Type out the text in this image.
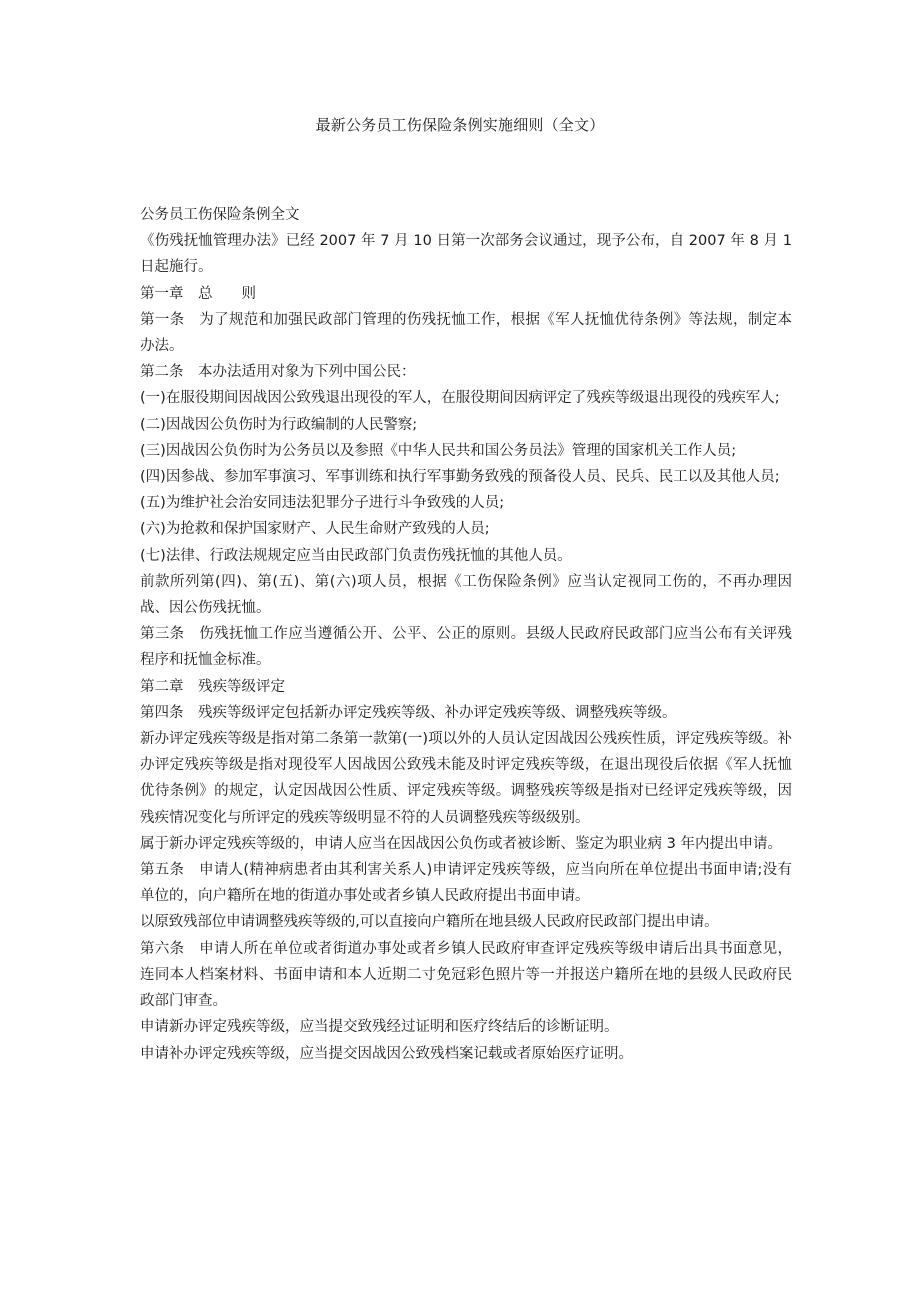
最新公务员工伤保险条例实施细则（全文）

公务员工伤保险条例全文

《伤残抚恤管理办法》已经 2007 年 7 月 10 日第一次部务会议通过，现予公布，自 2007 年 8 月 1 日起施行。

第一章　总　　则

第一条　为了规范和加强民政部门管理的伤残抚恤工作，根据《军人抚恤优待条例》等法规，制定本办法。

第二条　本办法适用对象为下列中国公民：

(一)在服役期间因战因公致残退出现役的军人，在服役期间因病评定了残疾等级退出现役的残疾军人;

(二)因战因公负伤时为行政编制的人民警察;

(三)因战因公负伤时为公务员以及参照《中华人民共和国公务员法》管理的国家机关工作人员;

(四)因参战、参加军事演习、军事训练和执行军事勤务致残的预备役人员、民兵、民工以及其他人员;

(五)为维护社会治安同违法犯罪分子进行斗争致残的人员;

(六)为抢救和保护国家财产、人民生命财产致残的人员;

(七)法律、行政法规规定应当由民政部门负责伤残抚恤的其他人员。

前款所列第(四)、第(五)、第(六)项人员，根据《工伤保险条例》应当认定视同工伤的，不再办理因战、因公伤残抚恤。

第三条　伤残抚恤工作应当遵循公开、公平、公正的原则。县级人民政府民政部门应当公布有关评残程序和抚恤金标准。

第二章　残疾等级评定

第四条　残疾等级评定包括新办评定残疾等级、补办评定残疾等级、调整残疾等级。

新办评定残疾等级是指对第二条第一款第(一)项以外的人员认定因战因公残疾性质，评定残疾等级。补办评定残疾等级是指对现役军人因战因公致残未能及时评定残疾等级，在退出现役后依据《军人抚恤优待条例》的规定，认定因战因公性质、评定残疾等级。调整残疾等级是指对已经评定残疾等级，因残疾情况变化与所评定的残疾等级明显不符的人员调整残疾等级级别。

属于新办评定残疾等级的，申请人应当在因战因公负伤或者被诊断、鉴定为职业病 3 年内提出申请。

第五条　申请人(精神病患者由其利害关系人)申请评定残疾等级，应当向所在单位提出书面申请;没有单位的，向户籍所在地的街道办事处或者乡镇人民政府提出书面申请。

以原致残部位申请调整残疾等级的,可以直接向户籍所在地县级人民政府民政部门提出申请。

第六条　申请人所在单位或者街道办事处或者乡镇人民政府审查评定残疾等级申请后出具书面意见，连同本人档案材料、书面申请和本人近期二寸免冠彩色照片等一并报送户籍所在地的县级人民政府民政部门审查。

申请新办评定残疾等级，应当提交致残经过证明和医疗终结后的诊断证明。

申请补办评定残疾等级，应当提交因战因公致残档案记载或者原始医疗证明。
